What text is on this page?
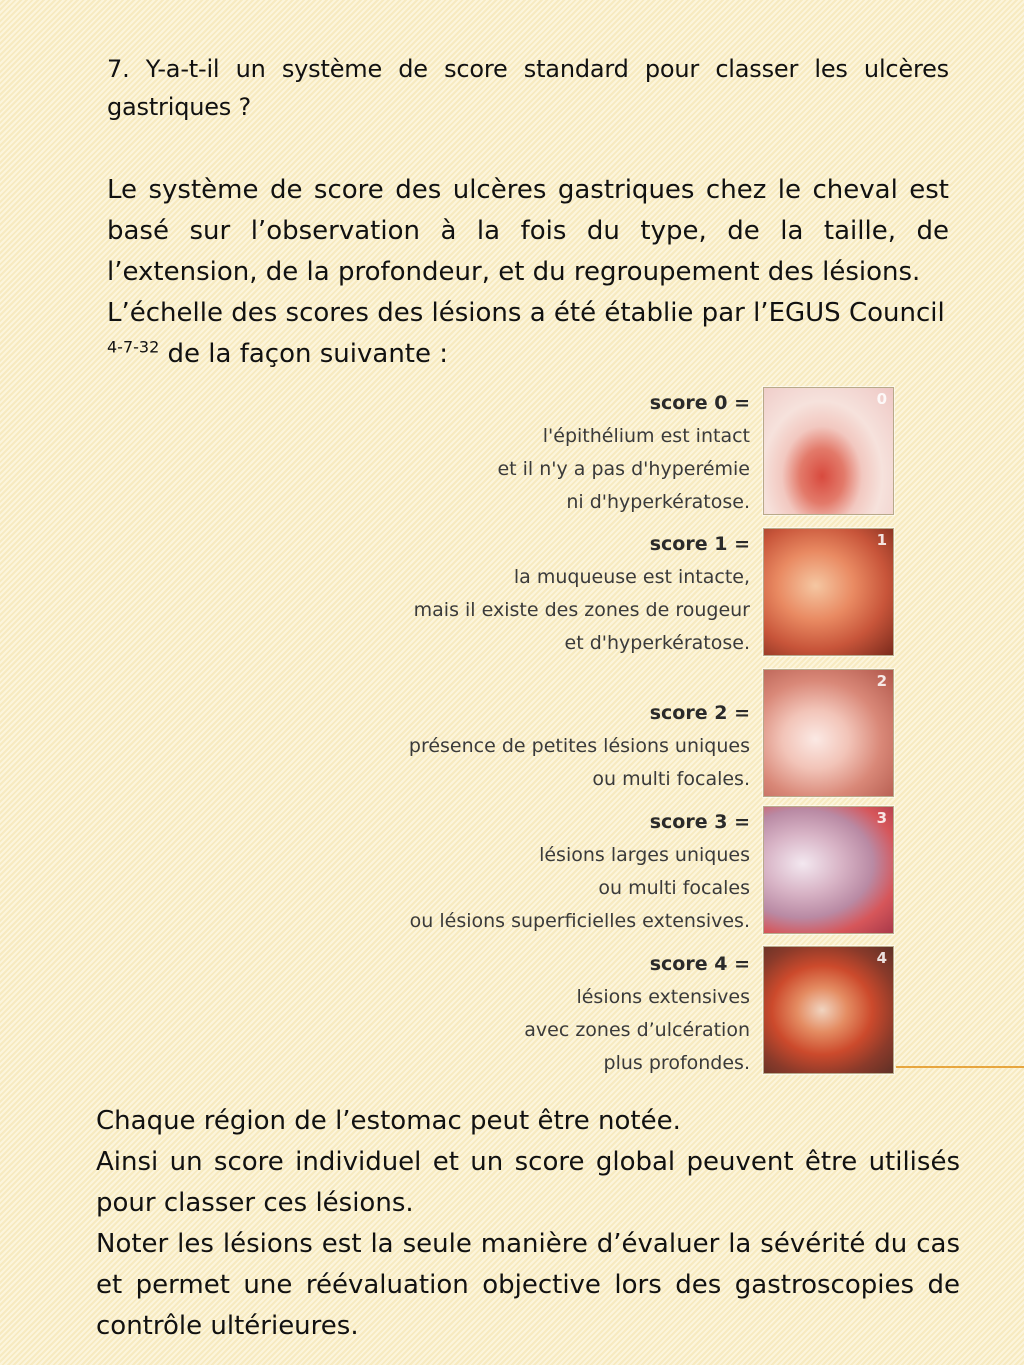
7. Y-a-t-il un système de score standard pour classer les ulcères gastriques ?

Le système de score des ulcères gastriques chez le cheval est basé sur l’observation à la fois du type, de la taille, de l’extension, de la profondeur, et du regroupement des lésions.

L’échelle des scores des lésions a été établie par l’EGUS Council $^{4-7-32}$ de la façon suivante :

score 0 =
l'épithélium est intact
et il n'y a pas d'hyperémie
ni d'hyperkératose.
0
score 1 =
la muqueuse est intacte,
mais il existe des zones de rougeur
et d'hyperkératose.
1
score 2 =
présence de petites lésions uniques
ou multi focales.
2
score 3 =
lésions larges uniques
ou multi focales
ou lésions superficielles extensives.
3
score 4 =
lésions extensives
avec zones d’ulcération
plus profondes.
4

Chaque région de l’estomac peut être notée.

Ainsi un score individuel et un score global peuvent être utilisés pour classer ces lésions.

Noter les lésions est la seule manière d’évaluer la sévérité du cas et permet une réévaluation objective lors des gastroscopies de contrôle ultérieures.
